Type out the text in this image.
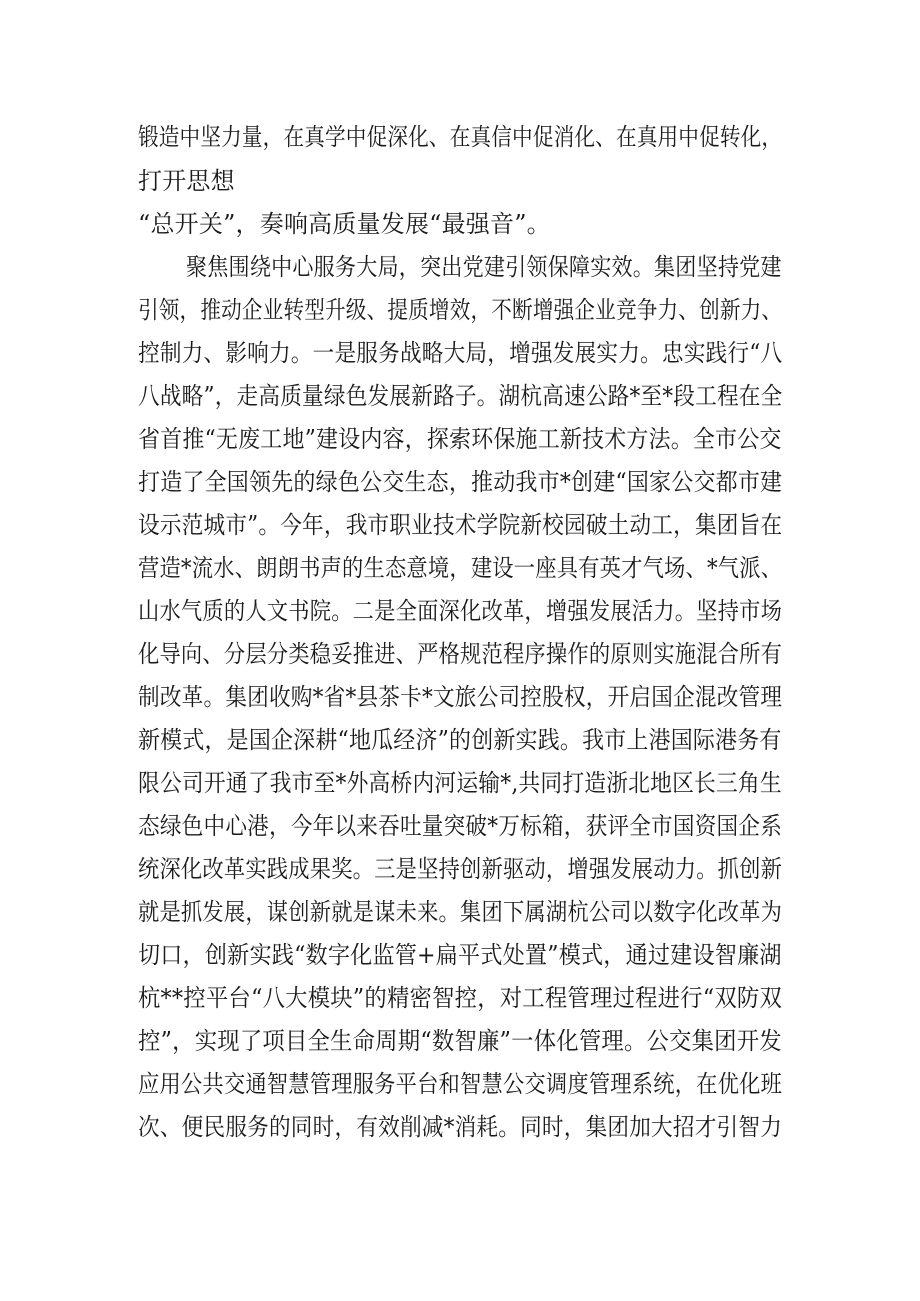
锻造中坚力量，在真学中促深化、在真信中促消化、在真用中促转化，
打开思想
“总开关”，奏响高质量发展“最强音”。
聚焦围绕中心服务大局，突出党建引领保障实效。集团坚持党建
引领，推动企业转型升级、提质增效，不断增强企业竞争力、创新力、
控制力、影响力。一是服务战略大局，增强发展实力。忠实践行“八
八战略”，走高质量绿色发展新路子。湖杭高速公路*至*段工程在全
省首推“无废工地”建设内容，探索环保施工新技术方法。全市公交
打造了全国领先的绿色公交生态，推动我市*创建“国家公交都市建
设示范城市”。今年，我市职业技术学院新校园破土动工，集团旨在
营造*流水、朗朗书声的生态意境，建设一座具有英才气场、*气派、
山水气质的人文书院。二是全面深化改革，增强发展活力。坚持市场
化导向、分层分类稳妥推进、严格规范程序操作的原则实施混合所有
制改革。集团收购*省*县茶卡*文旅公司控股权，开启国企混改管理
新模式，是国企深耕“地瓜经济”的创新实践。我市上港国际港务有
限公司开通了我市至*外高桥内河运输*,共同打造浙北地区长三角生
态绿色中心港，今年以来吞吐量突破*万标箱，获评全市国资国企系
统深化改革实践成果奖。三是坚持创新驱动，增强发展动力。抓创新
就是抓发展，谋创新就是谋未来。集团下属湖杭公司以数字化改革为
切口，创新实践“数字化监管+扁平式处置”模式，通过建设智廉湖
杭**控平台“八大模块”的精密智控，对工程管理过程进行“双防双
控”，实现了项目全生命周期“数智廉”一体化管理。公交集团开发
应用公共交通智慧管理服务平台和智慧公交调度管理系统，在优化班
次、便民服务的同时，有效削减*消耗。同时，集团加大招才引智力
